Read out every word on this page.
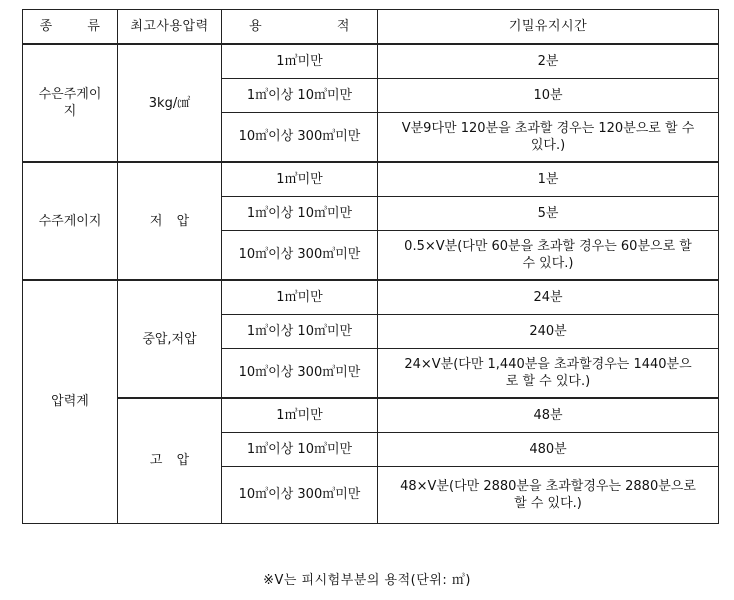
종 류	최고사용압력	용 적	기밀유지시간
수은주게이지	3kg/㎠	1㎥미만	2분
		1㎥이상 10㎥미만	10분
		10㎥이상 300㎥미만	V분9다만 120분을 초과할 경우는 120분으로 할 수있다.)
수주게이지	저 압	1㎥미만	1분
		1㎥이상 10㎥미만	5분
		10㎥이상 300㎥미만	0.5×V분(다만 60분을 초과할 경우는 60분으로 할 수 있다.)
압력계	중압,저압	1㎥미만	24분
		1㎥이상 10㎥미만	240분
		10㎥이상 300㎥미만	24×V분(다만 1,440분을 초과할경우는 1440분으로 할 수 있다.)
	고 압	1㎥미만	48분
		1㎥이상 10㎥미만	480분
		10㎥이상 300㎥미만	48×V분(다만 2880분을 초과할경우는 2880분으로 할 수 있다.)
※V는 피시험부분의 용적(단위: ㎥)
